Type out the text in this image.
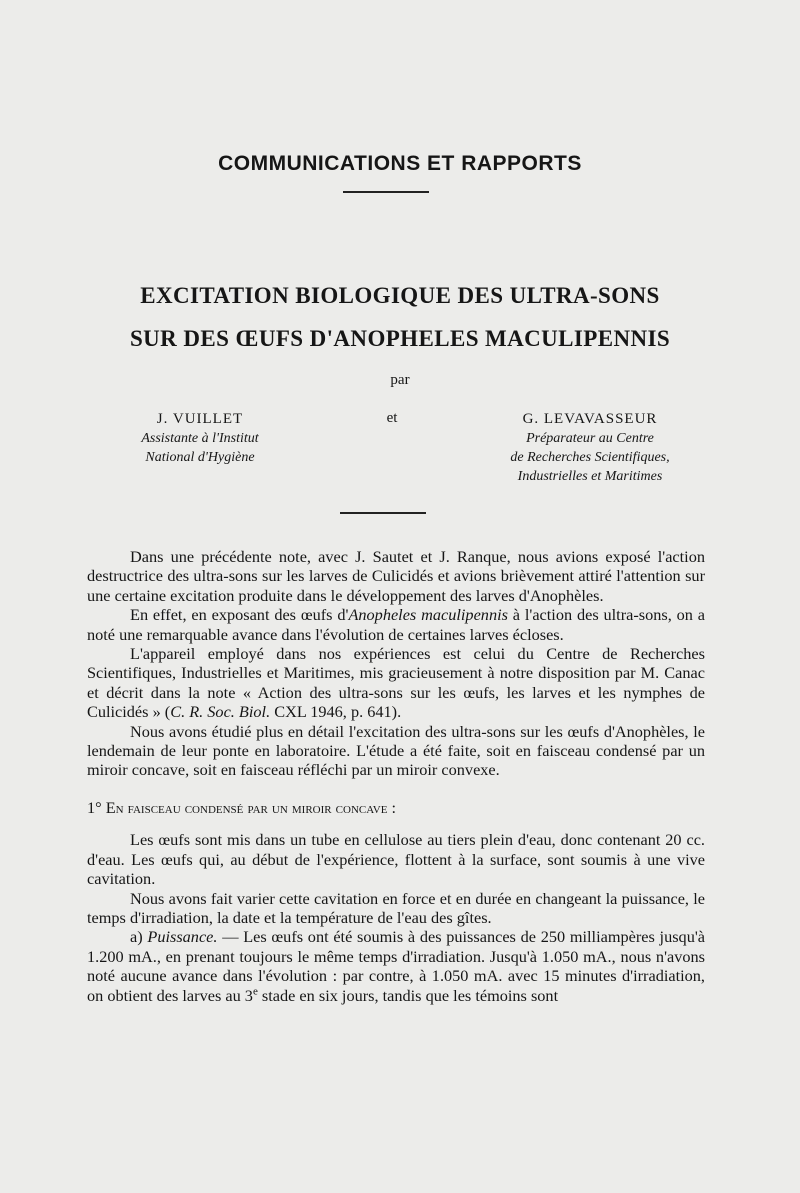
COMMUNICATIONS ET RAPPORTS
EXCITATION BIOLOGIQUE DES ULTRA-SONS
SUR DES ŒUFS D'ANOPHELES MACULIPENNIS
par
J. VUILLET
Assistante à l'Institut
National d'Hygiène
et	G. LEVAVASSEUR
Préparateur au Centre
de Recherches Scientifiques,
Industrielles et Maritimes

Dans une précédente note, avec J. Sautet et J. Ranque, nous avions exposé l'action destructrice des ultra-sons sur les larves de Culicidés et avions brièvement attiré l'attention sur une certaine excitation produite dans le développement des larves d'Anophèles.

En effet, en exposant des œufs d'Anopheles maculipennis à l'action des ultra-sons, on a noté une remarquable avance dans l'évolution de certaines larves écloses.

L'appareil employé dans nos expériences est celui du Centre de Recherches Scientifiques, Industrielles et Maritimes, mis gracieusement à notre disposition par M. Canac et décrit dans la note « Action des ultra-sons sur les œufs, les larves et les nymphes de Culicidés » (C. R. Soc. Biol. CXL 1946, p. 641).

Nous avons étudié plus en détail l'excitation des ultra-sons sur les œufs d'Anophèles, le lendemain de leur ponte en laboratoire. L'étude a été faite, soit en faisceau condensé par un miroir concave, soit en faisceau réfléchi par un miroir convexe.

1° En faisceau condensé par un miroir concave :

Les œufs sont mis dans un tube en cellulose au tiers plein d'eau, donc contenant 20 cc. d'eau. Les œufs qui, au début de l'expérience, flottent à la surface, sont soumis à une vive cavitation.

Nous avons fait varier cette cavitation en force et en durée en changeant la puissance, le temps d'irradiation, la date et la température de l'eau des gîtes.

a) Puissance. — Les œufs ont été soumis à des puissances de 250 milliampères jusqu'à 1.200 mA., en prenant toujours le même temps d'irradiation. Jusqu'à 1.050 mA., nous n'avons noté aucune avance dans l'évolution : par contre, à 1.050 mA. avec 15 minutes d'irradiation, on obtient des larves au 3e stade en six jours, tandis que les témoins sont
